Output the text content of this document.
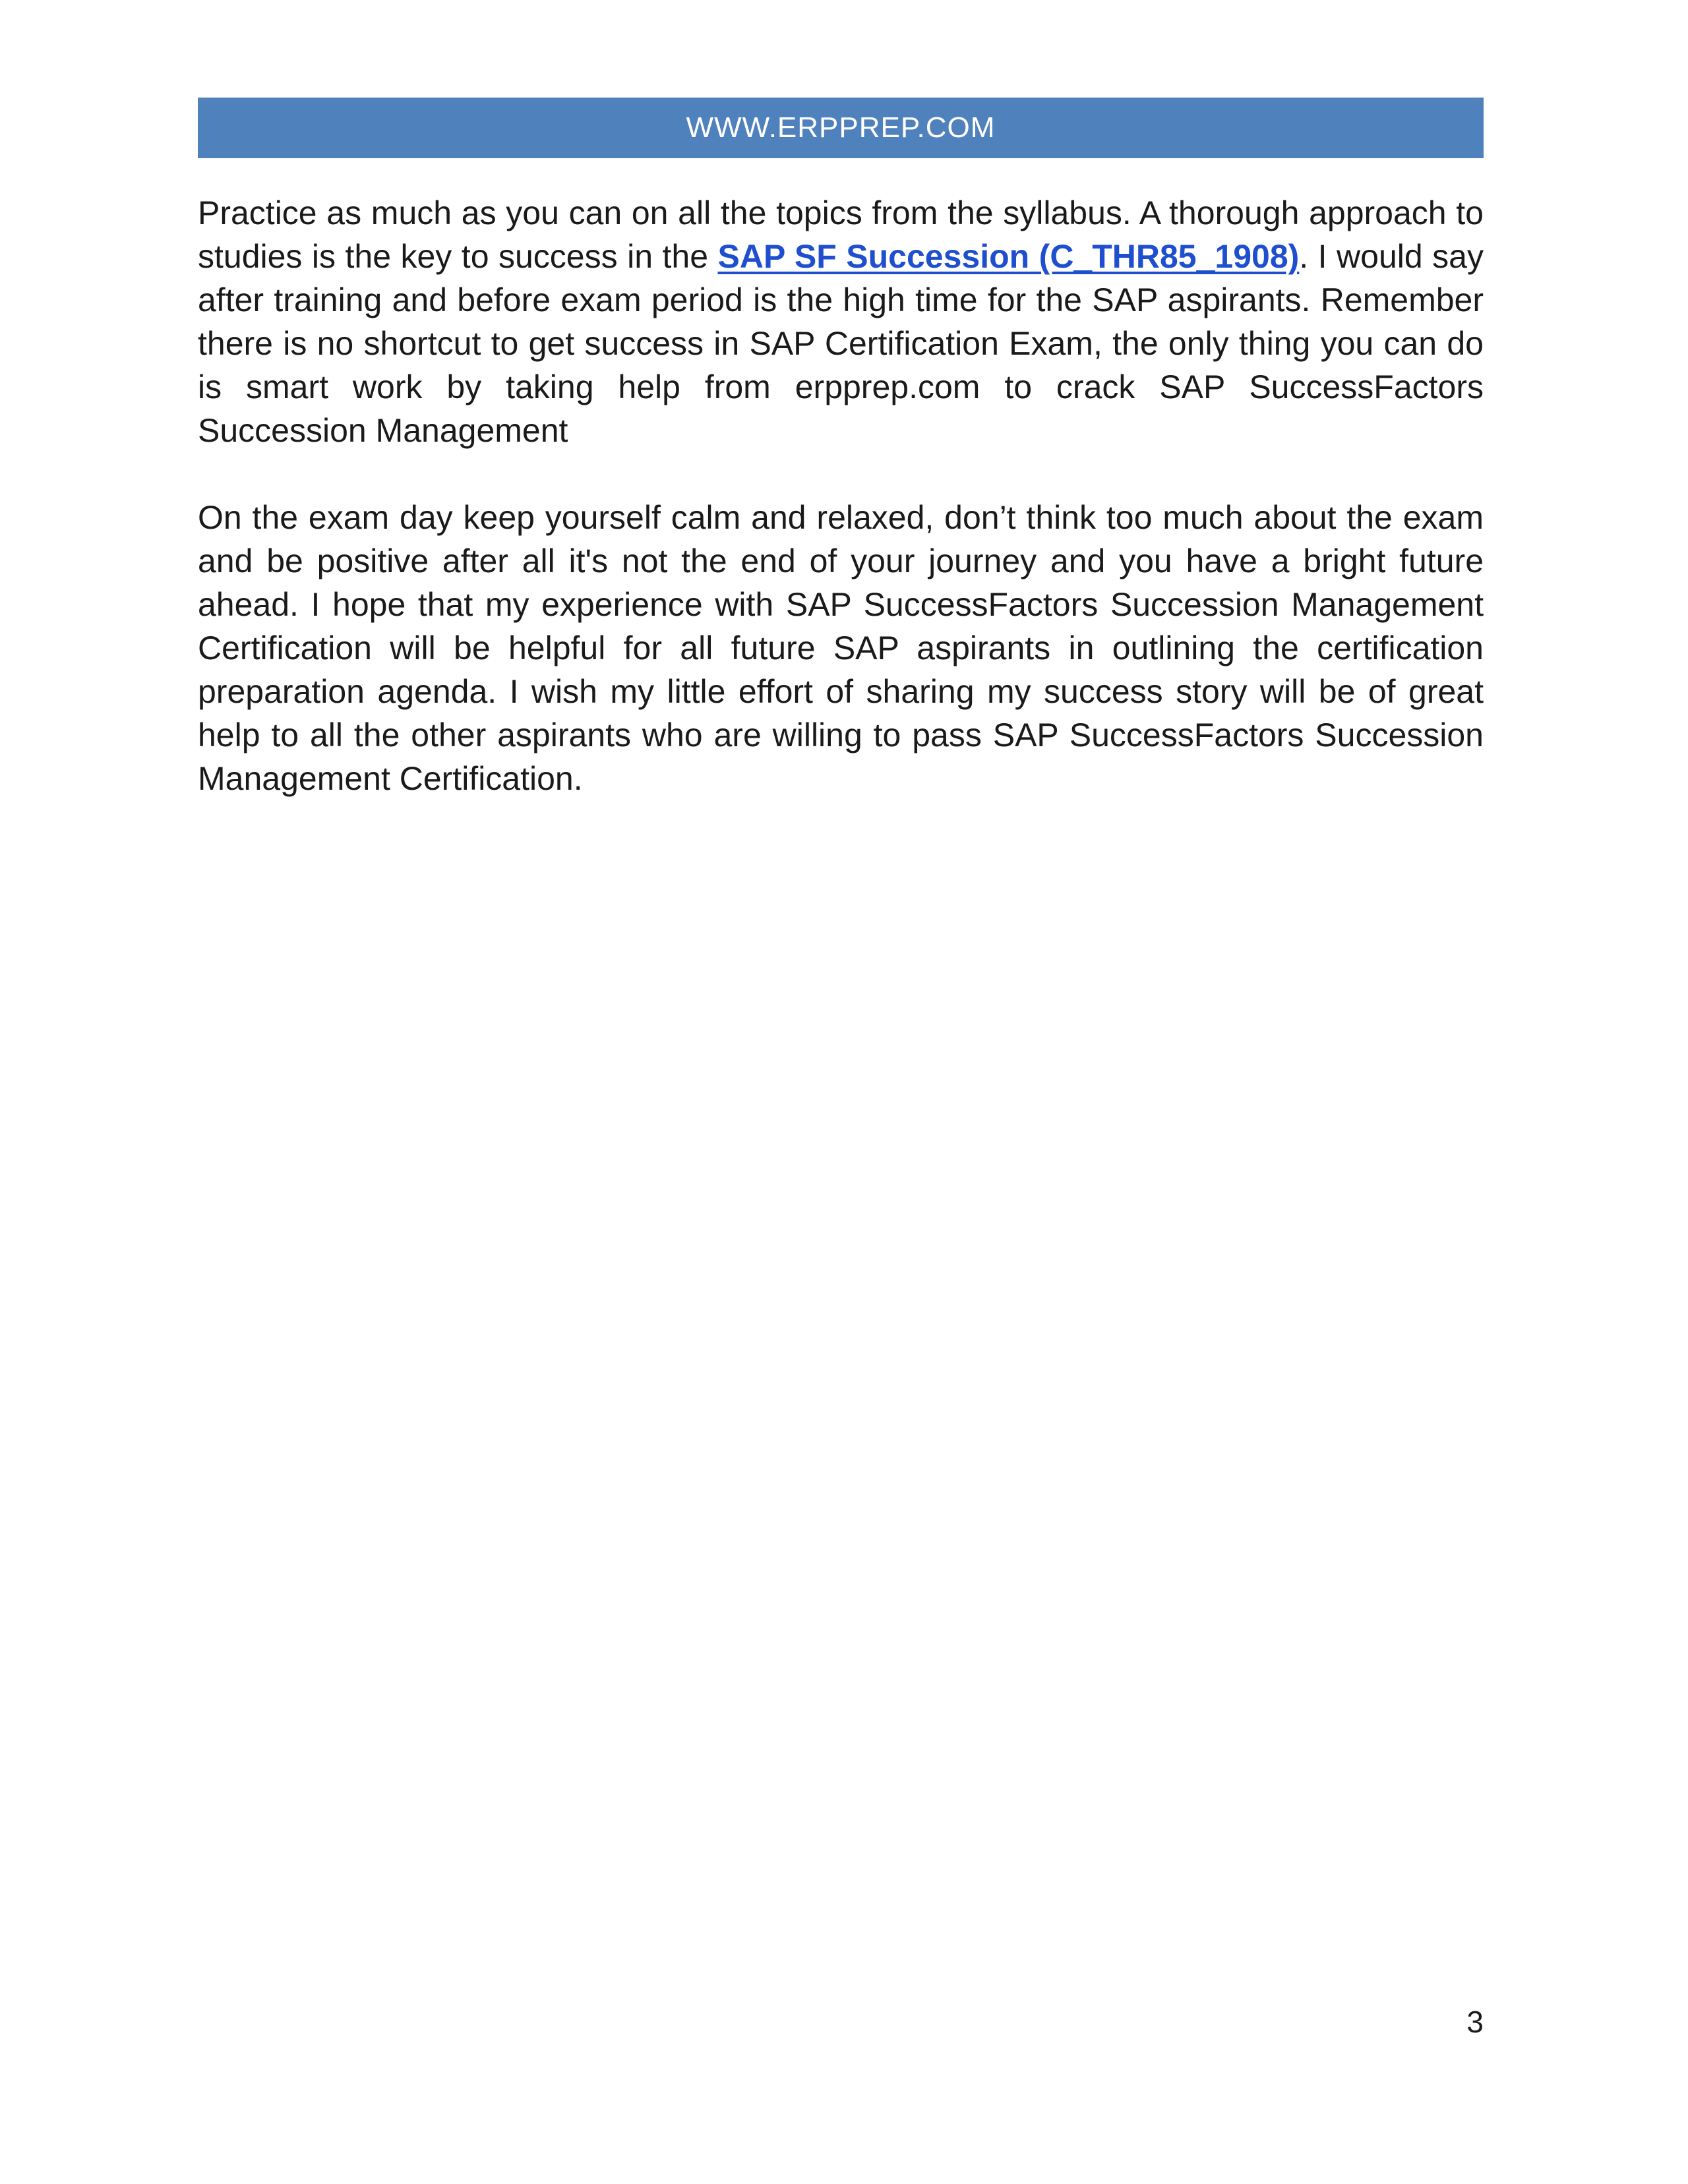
WWW.ERPPREP.COM

Practice as much as you can on all the topics from the syllabus. A thorough approach to studies is the key to success in the SAP SF Succession (C_THR85_1908). I would say after training and before exam period is the high time for the SAP aspirants. Remember there is no shortcut to get success in SAP Certification Exam, the only thing you can do is smart work by taking help from erpprep.com to crack SAP SuccessFactors Succession Management

On the exam day keep yourself calm and relaxed, don’t think too much about the exam and be positive after all it's not the end of your journey and you have a bright future ahead. I hope that my experience with SAP SuccessFactors Succession Management Certification will be helpful for all future SAP aspirants in outlining the certification preparation agenda. I wish my little effort of sharing my success story will be of great help to all the other aspirants who are willing to pass SAP SuccessFactors Succession Management Certification.

3
